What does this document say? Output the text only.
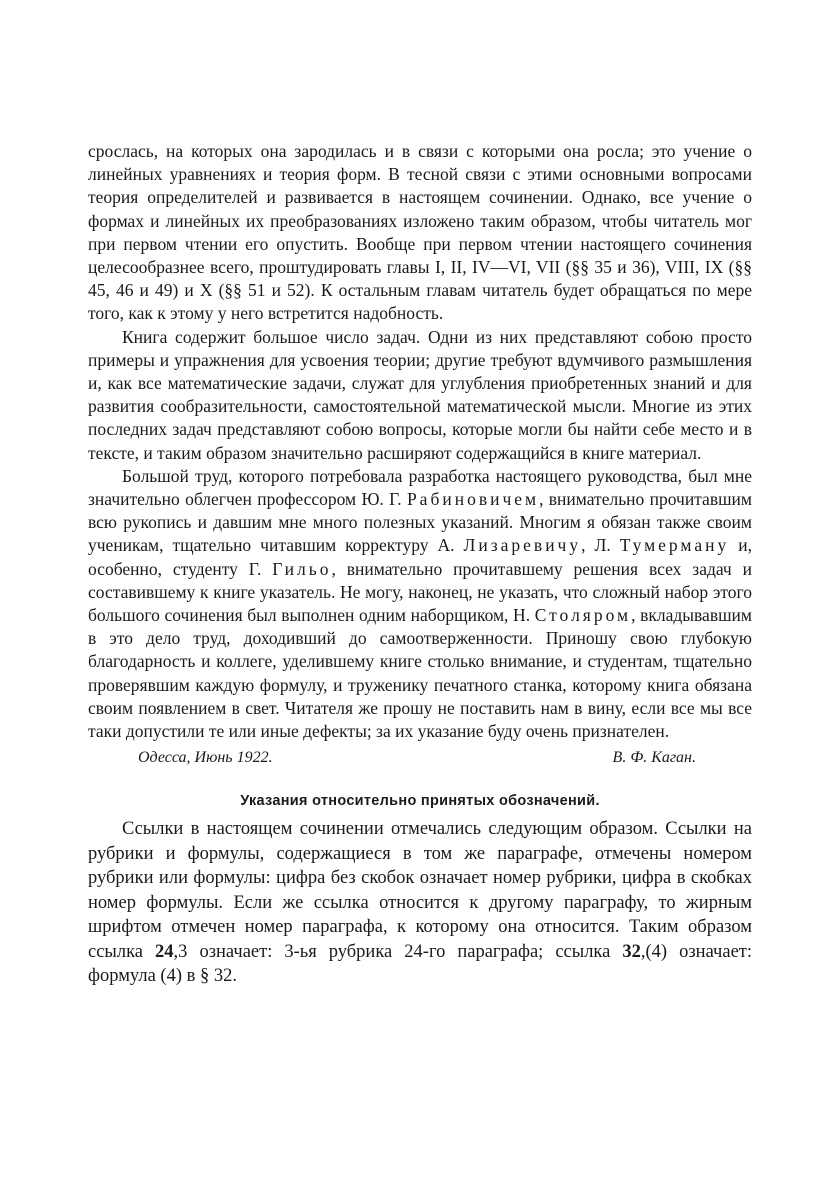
срослась, на которых она зародилась и в связи с которыми она росла; это учение о линейных уравнениях и теория форм. В тесной связи с этими основными вопросами теория определителей и развивается в настоящем сочинении. Однако, все учение о формах и линейных их преобразованиях изложено таким образом, чтобы читатель мог при первом чтении его опустить. Вообще при первом чтении настоящего сочинения целесообразнее всего, проштудировать главы I, II, IV—VI, VII (§§ 35 и 36), VIII, IX (§§ 45, 46 и 49) и X (§§ 51 и 52). К остальным главам читатель будет обращаться по мере того, как к этому у него встретится надобность.

Книга содержит большое число задач. Одни из них представляют собою просто примеры и упражнения для усвоения теории; другие требуют вдумчивого размышления и, как все математические задачи, служат для углубления приобретенных знаний и для развития сообразительности, самостоятельной математической мысли. Многие из этих последних задач представляют собою вопросы, которые могли бы найти себе место и в тексте, и таким образом значительно расширяют содержащийся в книге материал.

Большой труд, которого потребовала разработка настоящего руководства, был мне значительно облегчен профессором Ю. Г. Рабиновичем, внимательно прочитавшим всю рукопись и давшим мне много полезных указаний. Многим я обязан также своим ученикам, тщательно читавшим корректуру А. Лизаревичу, Л. Тумерману и, особенно, студенту Г. Гильо, внимательно прочитавшему решения всех задач и составившему к книге указатель. Не могу, наконец, не указать, что сложный набор этого большого сочинения был выполнен одним наборщиком, Н. Столяром, вкладывавшим в это дело труд, доходивший до самоотверженности. Приношу свою глубокую благодарность и коллеге, уделившему книге столько внимание, и студентам, тщательно проверявшим каждую формулу, и труженику печатного станка, которому книга обязана своим появлением в свет. Читателя же прошу не поставить нам в вину, если все мы все таки допустили те или иные дефекты; за их указание буду очень признателен.

Одесса, Июнь 1922.	В. Ф. Каган.
Указания относительно принятых обозначений.

Ссылки в настоящем сочинении отмечались следующим образом. Ссылки на рубрики и формулы, содержащиеся в том же параграфе, отмечены номером рубрики или формулы: цифра без скобок означает номер рубрики, цифра в скобках номер формулы. Если же ссылка относится к другому параграфу, то жирным шрифтом отмечен номер параграфа, к которому она относится. Таким образом ссылка 24,3 означает: 3-ья рубрика 24-го параграфа; ссылка 32,(4) означает: формула (4) в § 32.
